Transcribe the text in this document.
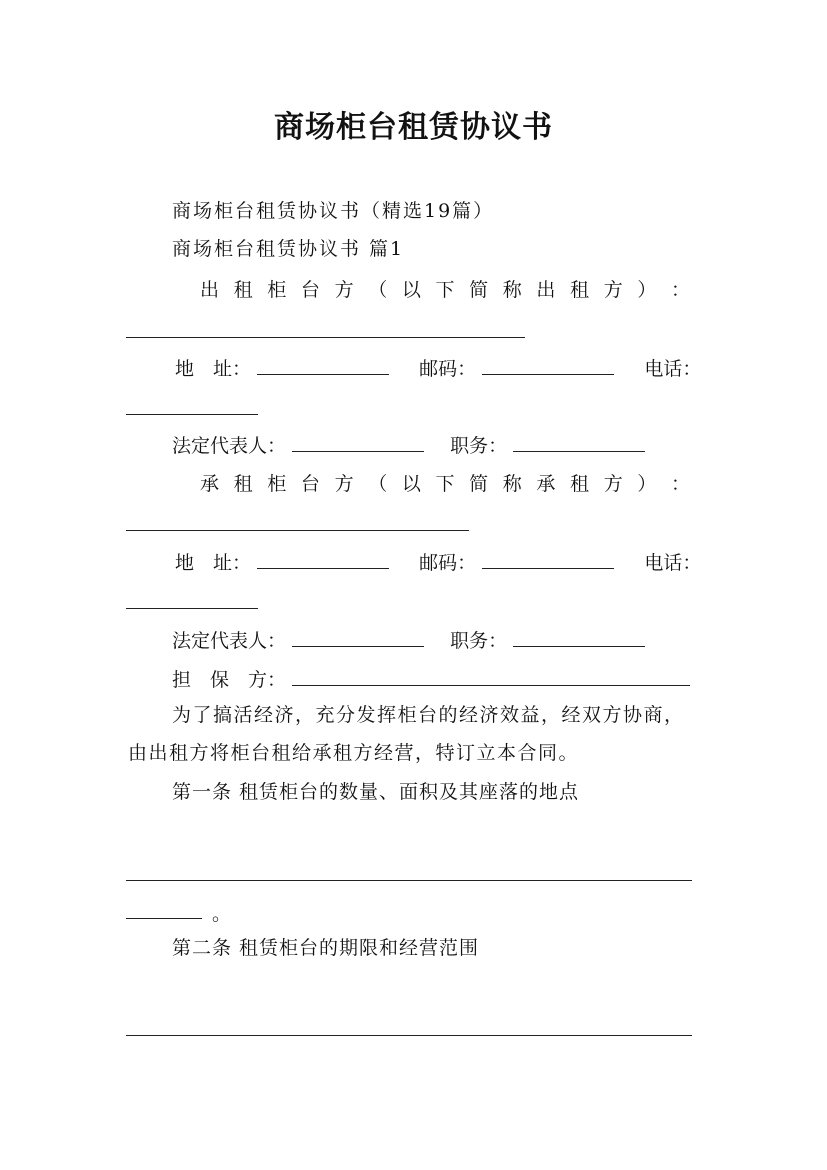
商场柜台租赁协议书
商场柜台租赁协议书（精选19篇）
商场柜台租赁协议书 篇1
出 租 柜 台 方 （ 以 下 简 称 出 租 方 ） ：
地　址：	邮码：	电话：
法定代表人：	职务：
承 租 柜 台 方 （ 以 下 简 称 承 租 方 ） ：
地　址：	邮码：	电话：
法定代表人：	职务：
担　保　方：
为了搞活经济，充分发挥柜台的经济效益，经双方协商，
由出租方将柜台租给承租方经营，特订立本合同。
第一条 租赁柜台的数量、面积及其座落的地点
。
第二条 租赁柜台的期限和经营范围
